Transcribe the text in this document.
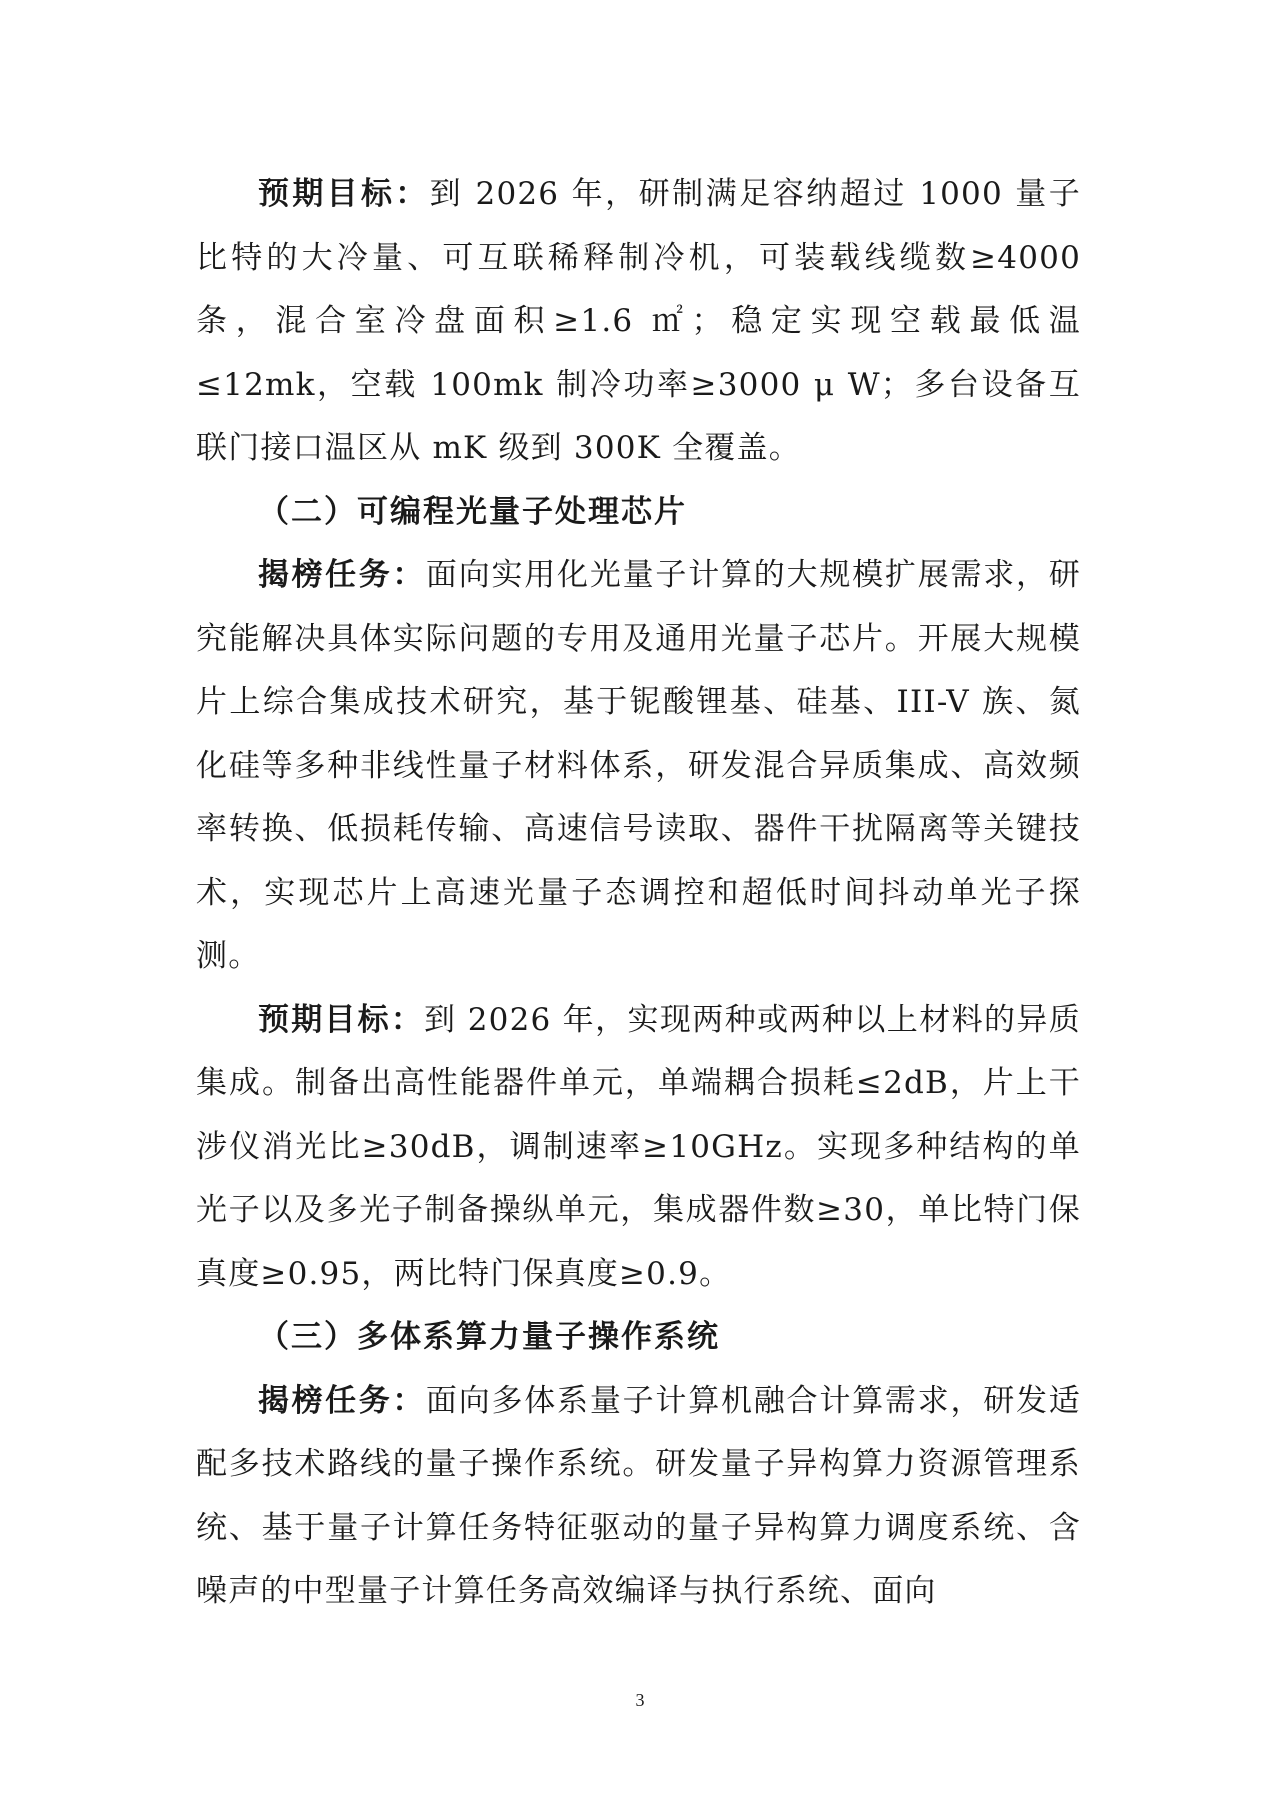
预期目标：到 2026 年，研制满足容纳超过 1000 量子比特的大冷量、可互联稀释制冷机，可装载线缆数≥4000 条，混合室冷盘面积≥1.6 ㎡；稳定实现空载最低温≤12mk，空载 100mk 制冷功率≥3000 μ W；多台设备互联门接口温区从 mK 级到 300K 全覆盖。

（二）可编程光量子处理芯片

揭榜任务：面向实用化光量子计算的大规模扩展需求，研究能解决具体实际问题的专用及通用光量子芯片。开展大规模片上综合集成技术研究，基于铌酸锂基、硅基、III-V 族、氮化硅等多种非线性量子材料体系，研发混合异质集成、高效频率转换、低损耗传输、高速信号读取、器件干扰隔离等关键技术，实现芯片上高速光量子态调控和超低时间抖动单光子探测。

预期目标：到 2026 年，实现两种或两种以上材料的异质集成。制备出高性能器件单元，单端耦合损耗≤2dB，片上干涉仪消光比≥30dB，调制速率≥10GHz。实现多种结构的单光子以及多光子制备操纵单元，集成器件数≥30，单比特门保真度≥0.95，两比特门保真度≥0.9。

（三）多体系算力量子操作系统

揭榜任务：面向多体系量子计算机融合计算需求，研发适配多技术路线的量子操作系统。研发量子异构算力资源管理系统、基于量子计算任务特征驱动的量子异构算力调度系统、含噪声的中型量子计算任务高效编译与执行系统、面向

3
